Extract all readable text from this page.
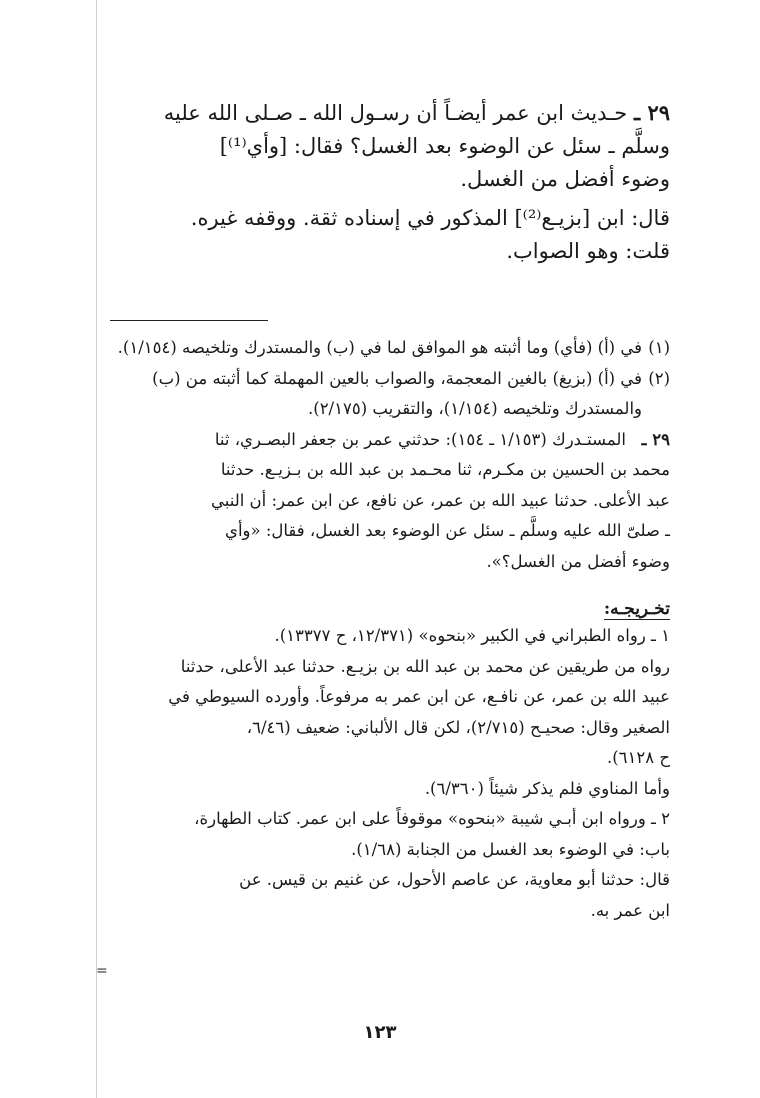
=

٢٩ ـ حـديث ابن عمر أيضـاً أن رسـول الله ـ صـلى الله عليه

وسلَّم ـ سئل عن الوضوء بعد الغسل؟ فقال: [وأي⁽¹⁾]

وضوء أفضل من الغسل.

قال: ابن [بزيـع⁽²⁾] المذكور في إسناده ثقة. ووقفه غيره.

قلت: وهو الصواب.

(١)

في (أ) (فأي) وما أثبته هو الموافق لما في (ب) والمستدرك وتلخيصه (١/١٥٤).

(٢)

في (أ) (بزيغ) بالغين المعجمة، والصواب بالعين المهملة كما أثبته من (ب)

والمستدرك وتلخيصه (١/١٥٤)، والتقريب (٢/١٧٥).

٢٩ ـ

المستـدرك (١/١٥٣ ـ ١٥٤): حدثني عمر بن جعفر البصـري، ثنا

محمد بن الحسين بن مكـرم، ثنا محـمد بن عبد الله بن بـزيـع. حدثنا

عبد الأعلى. حدثنا عبيد الله بن عمر، عن نافع، عن ابن عمر: أن النبي

ـ صلىّ الله عليه وسلَّم ـ سئل عن الوضوء بعد الغسل، فقال: «وأي

وضوء أفضل من الغسل؟».

تخـريجـه:

١ ـ رواه الطبراني في الكبير «بنحوه» (١٢/٣٧١، ح ١٣٣٧٧).

رواه من طريقين عن محمد بن عبد الله بن بزيـع. حدثنا عبد الأعلى، حدثنا

عبيد الله بن عمر، عن نافـع، عن ابن عمر به مرفوعاً. وأورده السيوطي في

الصغير وقال: صحيـح (٢/٧١٥)، لكن قال الألباني: ضعيف (٦/٤٦،

ح ٦١٢٨).

وأما المناوي فلم يذكر شيئاً (٦/٣٦٠).

٢ ـ ورواه ابن أبـي شيبة «بنحوه» موقوفاً على ابن عمر. كتاب الطهارة،

باب: في الوضوء بعد الغسل من الجنابة (١/٦٨).

قال: حدثنا أبو معاوية، عن عاصم الأحول، عن غنيم بن قيس. عن

ابن عمر به.

١٢٣
